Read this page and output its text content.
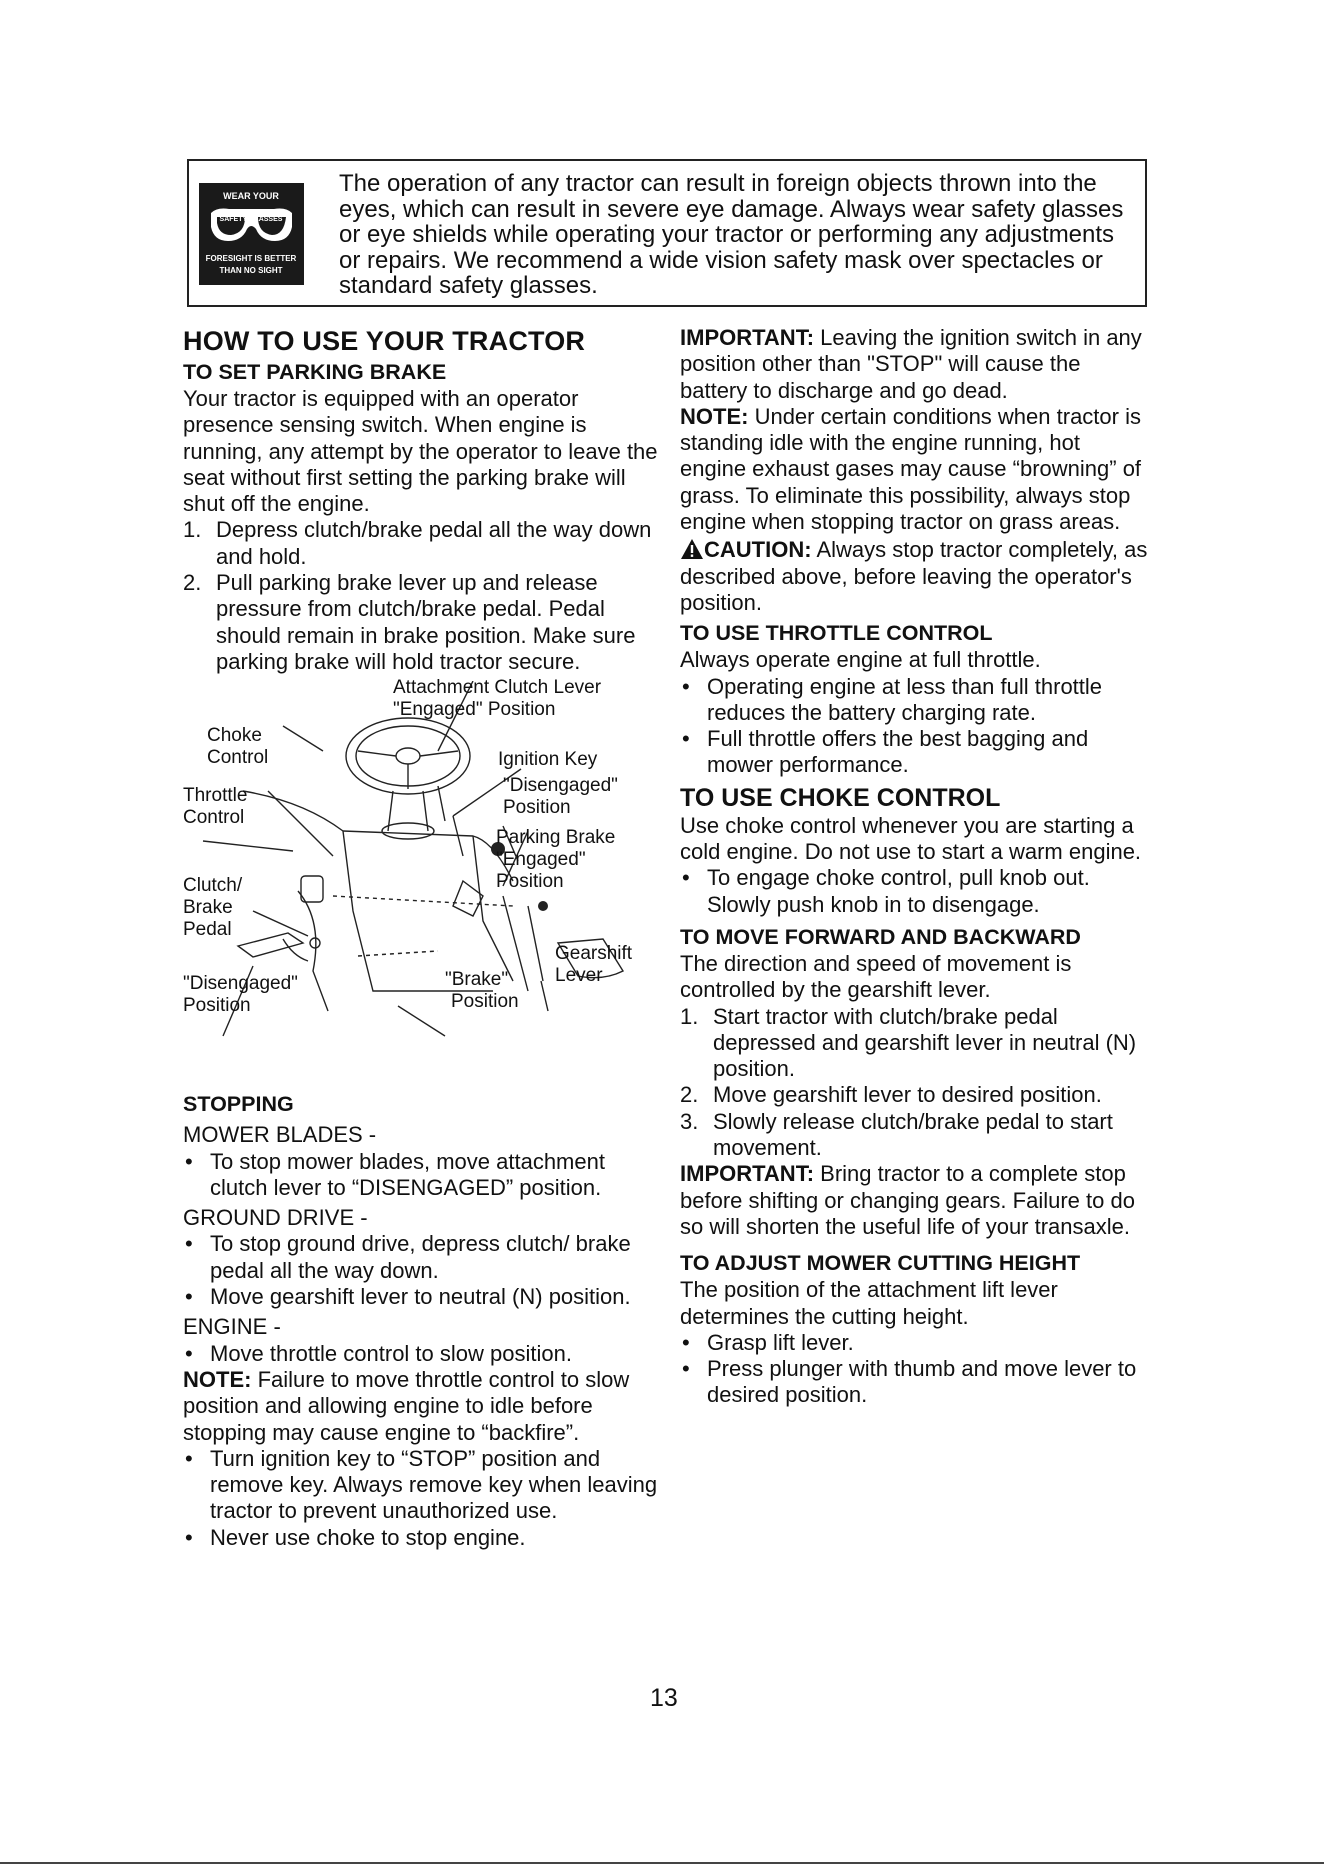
WEAR YOUR
SAFETY GLASSES
FORESIGHT IS BETTER
THAN NO SIGHT
The operation of any tractor can result in foreign objects thrown into the eyes, which can result in severe eye damage. Always wear safety glasses or eye shields while operating your tractor or performing any adjustments or repairs. We recommend a wide vision safety mask over spectacles or standard safety glasses.
HOW TO USE YOUR TRACTOR
TO SET PARKING BRAKE

Your tractor is equipped with an operator presence sensing switch. When engine is running, any attempt by the operator to leave the seat without first setting the parking brake will shut off the engine.

1. Depress clutch/brake pedal all the way down and hold.
2. Pull parking brake lever up and release pressure from clutch/brake pedal. Pedal should remain in brake position. Make sure parking brake will hold tractor secure.
Attachment Clutch Lever
"Engaged" Position
Choke
Control	Ignition Key
"Disengaged"
Position
Throttle
Control
Parking Brake
"Engaged"
Position
Clutch/
Brake
Pedal
Gearshift
Lever
"Disengaged"
Position
"Brake"
Position
STOPPING

MOWER BLADES -

• To stop mower blades, move attachment clutch lever to “DISENGAGED” position.

GROUND DRIVE -

• To stop ground drive, depress clutch/ brake pedal all the way down.
• Move gearshift lever to neutral (N) position.

ENGINE -

• Move throttle control to slow position.

NOTE: Failure to move throttle control to slow position and allowing engine to idle before stopping may cause engine to “backfire”.

• Turn ignition key to “STOP” position and remove key. Always remove key when leaving tractor to prevent unauthorized use.
• Never use choke to stop engine.

IMPORTANT: Leaving the ignition switch in any position other than "STOP" will cause the battery to discharge and go dead.

NOTE: Under certain conditions when tractor is standing idle with the engine running, hot engine exhaust gases may cause “browning” of grass. To eliminate this possibility, always stop engine when stopping tractor on grass areas.

CAUTION: Always stop tractor completely, as described above, before leaving the operator's position.

TO USE THROTTLE CONTROL

Always operate engine at full throttle.

• Operating engine at less than full throttle reduces the battery charging rate.
• Full throttle offers the best bagging and mower performance.
TO USE CHOKE CONTROL

Use choke control whenever you are starting a cold engine. Do not use to start a warm engine.

• To engage choke control, pull knob out. Slowly push knob in to disengage.
TO MOVE FORWARD AND BACKWARD

The direction and speed of movement is controlled by the gearshift lever.

1. Start tractor with clutch/brake pedal depressed and gearshift lever in neutral (N) position.
2. Move gearshift lever to desired position.
3. Slowly release clutch/brake pedal to start movement.

IMPORTANT: Bring tractor to a complete stop before shifting or changing gears. Failure to do so will shorten the useful life of your transaxle.

TO ADJUST MOWER CUTTING HEIGHT

The position of the attachment lift lever determines the cutting height.

• Grasp lift lever.
• Press plunger with thumb and move lever to desired position.
13
